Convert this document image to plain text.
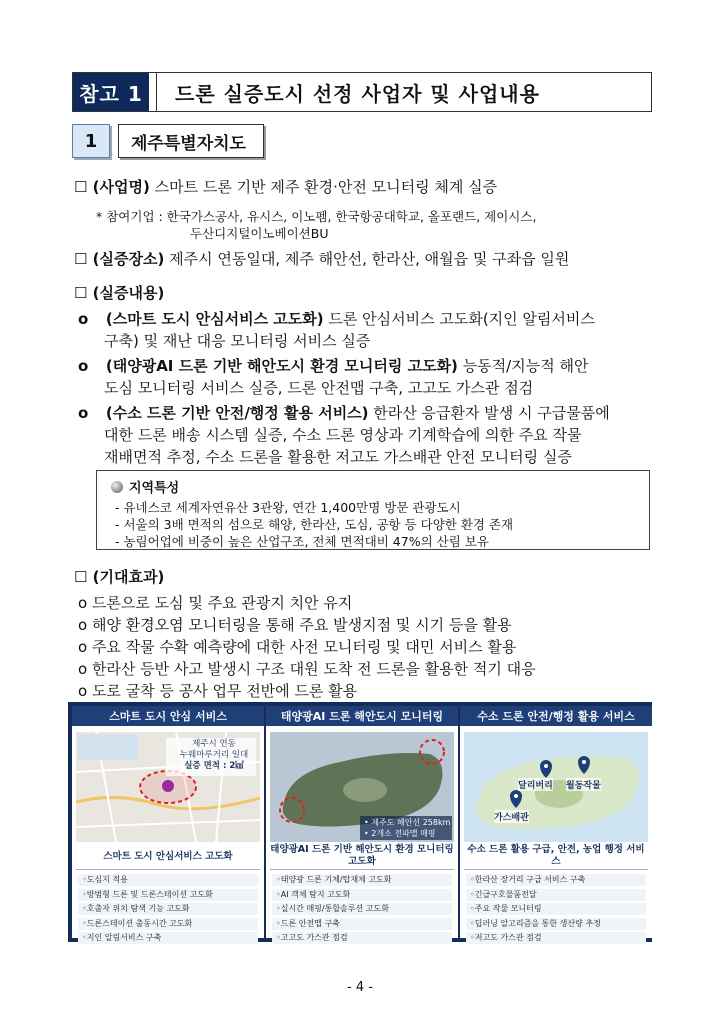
참고 1	드론 실증도시 선정 사업자 및 사업내용
1	제주특별자치도
☐ (사업명) 스마트 드론 기반 제주 환경·안전 모니터링 체계 실증
* 참여기업 : 한국가스공사, 유시스, 이노펨, 한국항공대학교, 올포랜드, 제이시스,
두산디지털이노베이션BU
☐ (실증장소) 제주시 연동일대, 제주 해안선, 한라산, 애월읍 및 구좌읍 일원
☐ (실증내용)
o (스마트 도시 안심서비스 고도화) 드론 안심서비스 고도화(지인 알림서비스
구축) 및 재난 대응 모니터링 서비스 실증
o (태양광AI 드론 기반 해안도시 환경 모니터링 고도화) 능동적/지능적 해안
도심 모니터링 서비스 실증, 드론 안전맵 구축, 고고도 가스관 점검
o (수소 드론 기반 안전/행정 활용 서비스) 한라산 응급환자 발생 시 구급물품에
대한 드론 배송 시스템 실증, 수소 드론 영상과 기계학습에 의한 주요 작물
재배면적 추정, 수소 드론을 활용한 저고도 가스배관 안전 모니터링 실증
지역특성
- 유네스코 세계자연유산 3관왕, 연간 1,400만명 방문 관광도시
- 서울의 3배 면적의 섬으로 해양, 한라산, 도심, 공항 등 다양한 환경 존재
- 농림어업에 비중이 높은 산업구조, 전체 면적대비 47%의 산림 보유
☐ (기대효과)
o 드론으로 도심 및 주요 관광지 치안 유지
o 해양 환경오염 모니터링을 통해 주요 발생지점 및 시기 등을 활용
o 주요 작물 수확 예측량에 대한 사전 모니터링 및 대민 서비스 활용
o 한라산 등반 사고 발생시 구조 대원 도착 전 드론을 활용한 적기 대응
o 도로 굴착 등 공사 업무 전반에 드론 활용
스마트 도시 안심 서비스
제주시 연동
누웨마루거리 일대
실증 면적 : 2㎢
스마트 도시 안심서비스 고도화
◦도심지 적용
◦방범형 드론 및 드론스테이션 고도화
◦호출자 위치 탐색 기능 고도화
◦드론스테이션 출동시간 고도화
◦지인 알림서비스 구축
태양광AI 드론 해안도시 모니터링
• 제주도 해안선 258km
• 2개소 전파맵 매핑
태양광AI 드론 기반 해안도시 환경 모니터링 고도화
◦태양광 드론 기체/탑재체 고도화
◦AI 객체 탐지 고도화
◦실시간 매핑/통합솔루션 고도화
◦드론 안전맵 구축
◦고고도 가스관 점검
수소 드론 안전/행정 활용 서비스
달리버리 월동작물
가스배관
수소 드론 활용 구급, 안전, 농업 행정 서비스
◦한라산 장거리 구급 서비스 구축
◦긴급구호물품전달
◦주요 작물 모니터링
◦딥러닝 알고리즘을 통한 생산량 추정
◦저고도 가스관 점검
- 4 -
